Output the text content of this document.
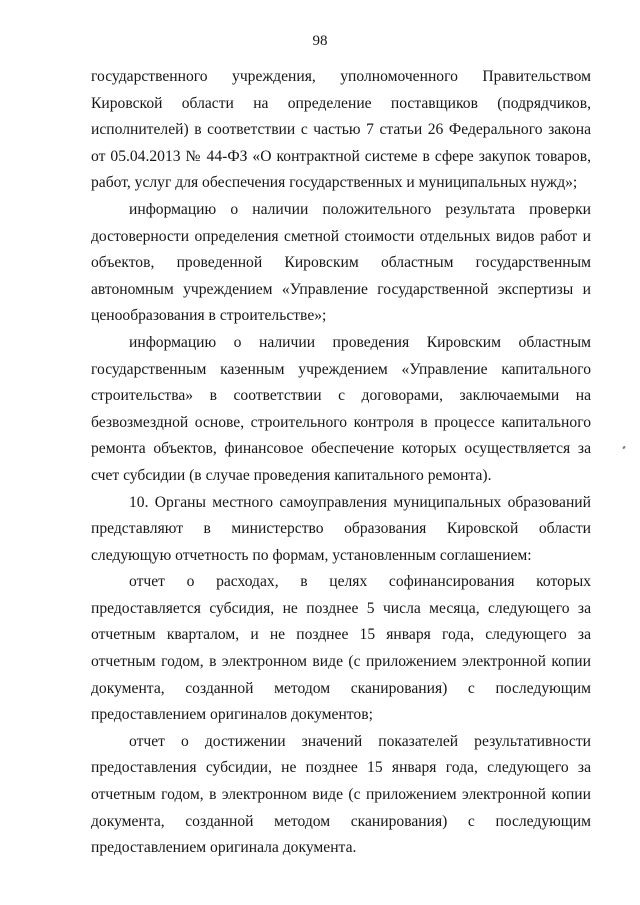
98

государственного учреждения, уполномоченного Правительством Кировской области на определение поставщиков (подрядчиков, исполнителей) в соответствии с частью 7 статьи 26 Федерального закона от 05.04.2013 № 44-ФЗ «О контрактной системе в сфере закупок товаров, работ, услуг для обеспечения государственных и муниципальных нужд»;

информацию о наличии положительного результата проверки достоверности определения сметной стоимости отдельных видов работ и объектов, проведенной Кировским областным государственным автономным учреждением «Управление государственной экспертизы и ценообразования в строительстве»;

информацию о наличии проведения Кировским областным государственным казенным учреждением «Управление капитального строительства» в соответствии с договорами, заключаемыми на безвозмездной основе, строительного контроля в процессе капитального ремонта объектов, финансовое обеспечение которых осуществляется за счет субсидии (в случае проведения капитального ремонта).

10. Органы местного самоуправления муниципальных образований представляют в министерство образования Кировской области следующую отчетность по формам, установленным соглашением:

отчет о расходах, в целях софинансирования которых предоставляется субсидия, не позднее 5 числа месяца, следующего за отчетным кварталом, и не позднее 15 января года, следующего за отчетным годом, в электронном виде (с приложением электронной копии документа, созданной методом сканирования) с последующим предоставлением оригиналов документов;

отчет о достижении значений показателей результативности предоставления субсидии, не позднее 15 января года, следующего за отчетным годом, в электронном виде (с приложением электронной копии документа, созданной методом сканирования) с последующим предоставлением оригинала документа.
